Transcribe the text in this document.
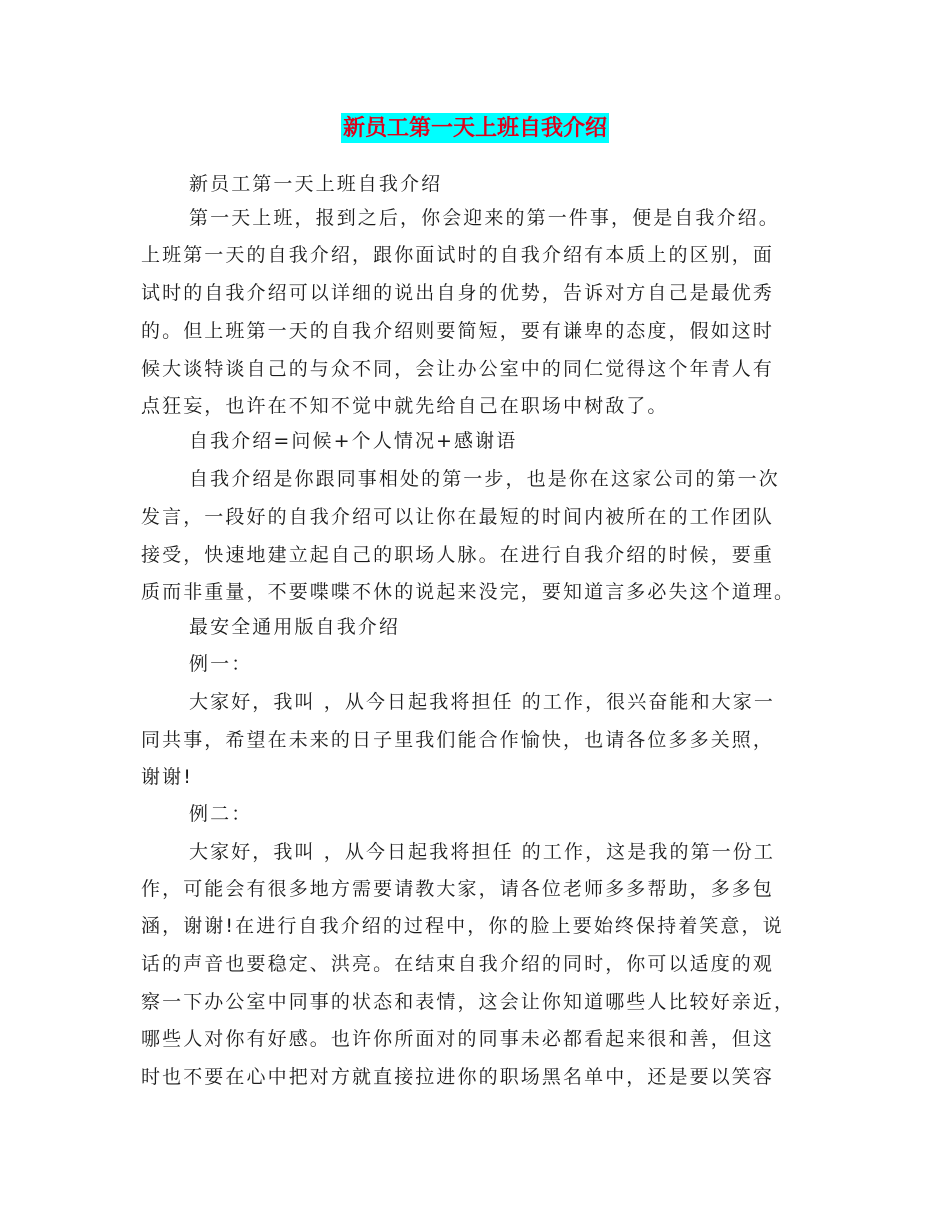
新员工第一天上班自我介绍
新员工第一天上班自我介绍
第一天上班，报到之后，你会迎来的第一件事，便是自我介绍。
上班第一天的自我介绍，跟你面试时的自我介绍有本质上的区别，面
试时的自我介绍可以详细的说出自身的优势，告诉对方自己是最优秀
的。但上班第一天的自我介绍则要简短，要有谦卑的态度，假如这时
候大谈特谈自己的与众不同，会让办公室中的同仁觉得这个年青人有
点狂妄，也许在不知不觉中就先给自己在职场中树敌了。
自我介绍=问候+个人情况+感谢语
自我介绍是你跟同事相处的第一步，也是你在这家公司的第一次
发言，一段好的自我介绍可以让你在最短的时间内被所在的工作团队
接受，快速地建立起自己的职场人脉。在进行自我介绍的时候，要重
质而非重量，不要喋喋不休的说起来没完，要知道言多必失这个道理。
最安全通用版自我介绍
例一：
大家好，我叫 ，从今日起我将担任 的工作，很兴奋能和大家一
同共事，希望在未来的日子里我们能合作愉快，也请各位多多关照，
谢谢!
例二：
大家好，我叫 ，从今日起我将担任 的工作，这是我的第一份工
作，可能会有很多地方需要请教大家，请各位老师多多帮助，多多包
涵，谢谢!在进行自我介绍的过程中，你的脸上要始终保持着笑意，说
话的声音也要稳定、洪亮。在结束自我介绍的同时，你可以适度的观
察一下办公室中同事的状态和表情，这会让你知道哪些人比较好亲近，
哪些人对你有好感。也许你所面对的同事未必都看起来很和善，但这
时也不要在心中把对方就直接拉进你的职场黑名单中，还是要以笑容
